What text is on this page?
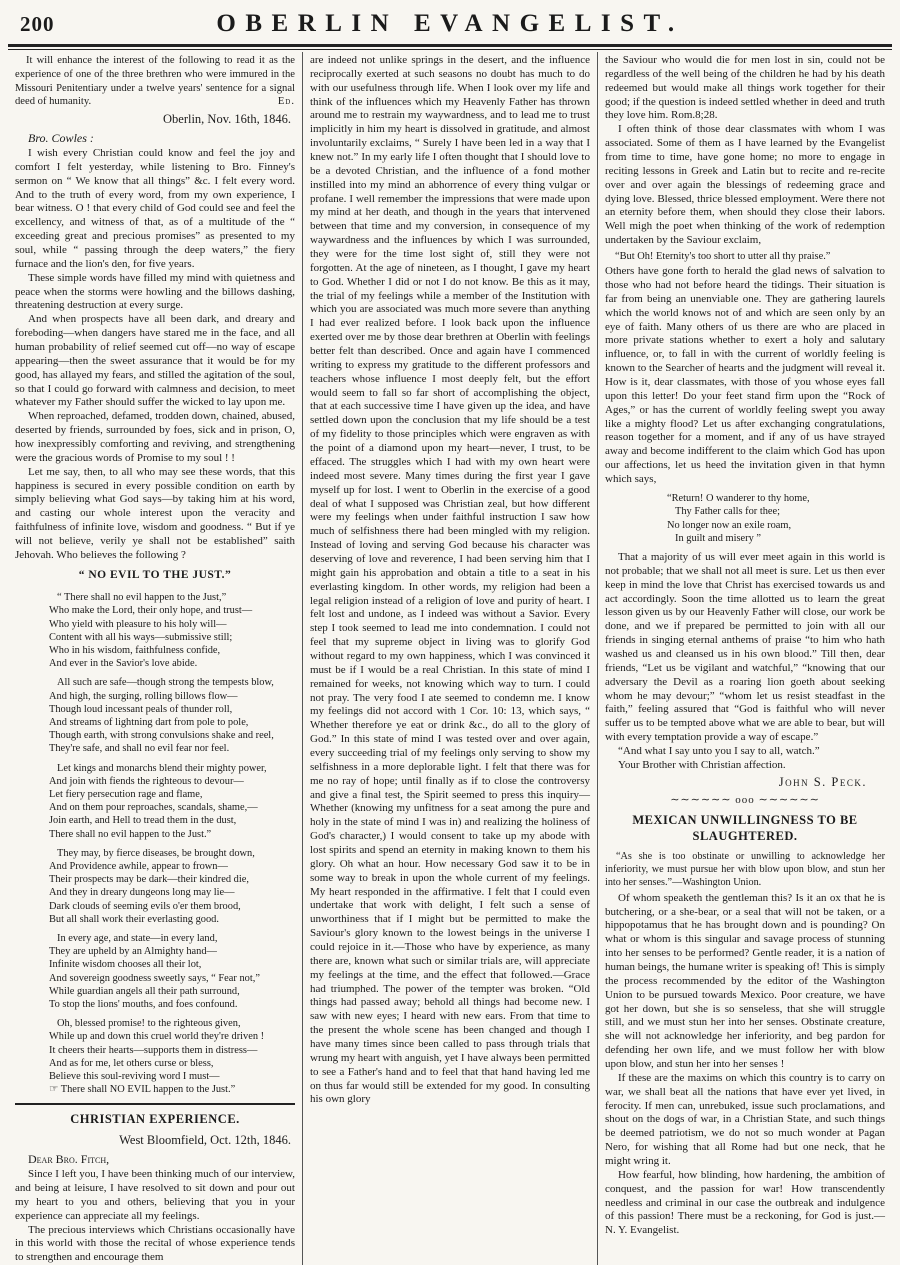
200	OBERLIN EVANGELIST.

It will enhance the interest of the following to read it as the experience of one of the three brethren who were immured in the Missouri Penitentiary under a twelve years' sentence for a signal deed of humanity.	Ed.

Oberlin, Nov. 16th, 1846.

Bro. Cowles :

I wish every Christian could know and feel the joy and comfort I felt yesterday, while listening to Bro. Finney's sermon on “ We know that all things” &c. I felt every word. And to the truth of every word, from my own experience, I bear witness. O ! that every child of God could see and feel the excellency, and witness of that, as of a multitude of the “ exceeding great and precious promises” as presented to my soul, while “ passing through the deep waters,” the fiery furnace and the lion's den, for five years.

These simple words have filled my mind with quietness and peace when the storms were howling and the billows dashing, threatening destruction at every surge.

And when prospects have all been dark, and dreary and foreboding—when dangers have stared me in the face, and all human probability of relief seemed cut off—no way of escape appearing—then the sweet assurance that it would be for my good, has allayed my fears, and stilled the agitation of the soul, so that I could go forward with calmness and decision, to meet whatever my Father should suffer the wicked to lay upon me.

When reproached, defamed, trodden down, chained, abused, deserted by friends, surrounded by foes, sick and in prison, O, how inexpressibly comforting and reviving, and strengthening were the gracious words of Promise to my soul ! !

Let me say, then, to all who may see these words, that this happiness is secured in every possible condition on earth by simply believing what God says—by taking him at his word, and casting our whole interest upon the veracity and faithfulness of infinite love, wisdom and goodness. “ But if ye will not believe, verily ye shall not be established” saith Jehovah. Who believes the following ?

“ NO EVIL TO THE JUST.”

“ There shall no evil happen to the Just,”
Who make the Lord, their only hope, and trust—
Who yield with pleasure to his holy will—
Content with all his ways—submissive still;
Who in his wisdom, faithfulness confide,
And ever in the Savior's love abide.
All such are safe—though strong the tempests blow,
And high, the surging, rolling billows flow—
Though loud incessant peals of thunder roll,
And streams of lightning dart from pole to pole,
Though earth, with strong convulsions shake and reel,
They're safe, and shall no evil fear nor feel.
Let kings and monarchs blend their mighty power,
And join with fiends the righteous to devour—
Let fiery persecution rage and flame,
And on them pour reproaches, scandals, shame,—
Join earth, and Hell to tread them in the dust,
There shall no evil happen to the Just.”
They may, by fierce diseases, be brought down,
And Providence awhile, appear to frown—
Their prospects may be dark—their kindred die,
And they in dreary dungeons long may lie—
Dark clouds of seeming evils o'er them brood,
But all shall work their everlasting good.
In every age, and state—in every land,
They are upheld by an Almighty hand—
Infinite wisdom chooses all their lot,
And sovereign goodness sweetly says, “ Fear not,”
While guardian angels all their path surround,
To stop the lions' mouths, and foes confound.
Oh, blessed promise! to the righteous given,
While up and down this cruel world they're driven !
It cheers their hearts—supports them in distress—
And as for me, let others curse or bless,
Believe this soul-reviving word I must—
☞ There shall NO EVIL happen to the Just.”

CHRISTIAN EXPERIENCE.

West Bloomfield, Oct. 12th, 1846.

Dear Bro. Fitch,

Since I left you, I have been thinking much of our interview, and being at leisure, I have resolved to sit down and pour out my heart to you and others, believing that you in your experience can appreciate all my feelings.

The precious interviews which Christians occasionally have in this world with those the recital of whose experience tends to strengthen and encourage them

are indeed not unlike springs in the desert, and the influence reciprocally exerted at such seasons no doubt has much to do with our usefulness through life. When I look over my life and think of the influences which my Heavenly Father has thrown around me to restrain my waywardness, and to lead me to trust implicitly in him my heart is dissolved in gratitude, and almost involuntarily exclaims, “ Surely I have been led in a way that I knew not.” In my early life I often thought that I should love to be a devoted Christian, and the influence of a fond mother instilled into my mind an abhorrence of every thing vulgar or profane. I well remember the impressions that were made upon my mind at her death, and though in the years that intervened between that time and my conversion, in consequence of my waywardness and the influences by which I was surrounded, they were for the time lost sight of, still they were not forgotten. At the age of nineteen, as I thought, I gave my heart to God. Whether I did or not I do not know. Be this as it may, the trial of my feelings while a member of the Institution with which you are associated was much more severe than anything I had ever realized before. I look back upon the influence exerted over me by those dear brethren at Oberlin with feelings better felt than described. Once and again have I commenced writing to express my gratitude to the different professors and teachers whose influence I most deeply felt, but the effort would seem to fall so far short of accomplishing the object, that at each successive time I have given up the idea, and have settled down upon the conclusion that my life should be a test of my fidelity to those principles which were engraven as with the point of a diamond upon my heart—never, I trust, to be effaced. The struggles which I had with my own heart were indeed most severe. Many times during the first year I gave myself up for lost. I went to Oberlin in the exercise of a good deal of what I supposed was Christian zeal, but how different were my feelings when under faithful instruction I saw how much of selfishness there had been mingled with my religion. Instead of loving and serving God because his character was deserving of love and reverence, I had been serving him that I might gain his approbation and obtain a title to a seat in his everlasting kingdom. In other words, my religion had been a legal religion instead of a religion of love and purity of heart. I felt lost and undone, as I indeed was without a Savior. Every step I took seemed to lead me into condemnation. I could not feel that my supreme object in living was to glorify God without regard to my own happiness, which I was convinced it must be if I would be a real Christian. In this state of mind I remained for weeks, not knowing which way to turn. I could not pray. The very food I ate seemed to condemn me. I know my feelings did not accord with 1 Cor. 10: 13, which says, “ Whether therefore ye eat or drink &c., do all to the glory of God.” In this state of mind I was tested over and over again, every succeeding trial of my feelings only serving to show my selfishness in a more deplorable light. I felt that there was for me no ray of hope; until finally as if to close the controversy and give a final test, the Spirit seemed to press this inquiry—Whether (knowing my unfitness for a seat among the pure and holy in the state of mind I was in) and realizing the holiness of God's character,) I would consent to take up my abode with lost spirits and spend an eternity in making known to them his glory. Oh what an hour. How necessary God saw it to be in some way to break in upon the whole current of my feelings. My heart responded in the affirmative. I felt that I could even undertake that work with delight, I felt such a sense of unworthiness that if I might but be permitted to make the Saviour's glory known to the lowest beings in the universe I could rejoice in it.—Those who have by experience, as many there are, known what such or similar trials are, will appreciate my feelings at the time, and the effect that followed.—Grace had triumphed. The power of the tempter was broken. “Old things had passed away; behold all things had become new. I saw with new eyes; I heard with new ears. From that time to the present the whole scene has been changed and though I have many times since been called to pass through trials that wrung my heart with anguish, yet I have always been permitted to see a Father's hand and to feel that that hand having led me on thus far would still be extended for my good. In consulting his own glory

the Saviour who would die for men lost in sin, could not be regardless of the well being of the children he had by his death redeemed but would make all things work together for their good; if the question is indeed settled whether in deed and truth they love him. Rom.8;28.

I often think of those dear classmates with whom I was associated. Some of them as I have learned by the Evangelist from time to time, have gone home; no more to engage in reciting lessons in Greek and Latin but to recite and re-recite over and over again the blessings of redeeming grace and dying love. Blessed, thrice blessed employment. Were there not an eternity before them, when should they close their labors. Well migh the poet when thinking of the work of redemption undertaken by the Saviour exclaim,

“But Oh! Eternity's too short to utter all thy praise.”

Others have gone forth to herald the glad news of salvation to those who had not before heard the tidings. Their situation is far from being an unenviable one. They are gathering laurels which the world knows not of and which are seen only by an eye of faith. Many others of us there are who are placed in more private stations whether to exert a holy and salutary influence, or, to fall in with the current of worldly feeling is known to the Searcher of hearts and the judgment will reveal it. How is it, dear classmates, with those of you whose eyes fall upon this letter! Do your feet stand firm upon the “Rock of Ages,” or has the current of worldly feeling swept you away like a mighty flood? Let us after exchanging congratulations, reason together for a moment, and if any of us have strayed away and become indifferent to the claim which God has upon our affections, let us heed the invitation given in that hymn which says,

“Return! O wanderer to thy home,
Thy Father calls for thee;
No longer now an exile roam,
In guilt and misery ”

That a majority of us will ever meet again in this world is not probable; that we shall not all meet is sure. Let us then ever keep in mind the love that Christ has exercised towards us and act accordingly. Soon the time allotted us to learn the great lesson given us by our Heavenly Father will close, our work be done, and we if prepared be permitted to join with all our friends in singing eternal anthems of praise “to him who hath washed us and cleansed us in his own blood.” Till then, dear friends, “Let us be vigilant and watchful,” “knowing that our adversary the Devil as a roaring lion goeth about seeking whom he may devour;” “whom let us resist steadfast in the faith,” feeling assured that “God is faithful who will never suffer us to be tempted above what we are able to bear, but will with every temptation provide a way of escape.”

“And what I say unto you I say to all, watch.”

Your Brother with Christian affection.

John S. Peck.

∼∼∼∼∼∼ ooo ∼∼∼∼∼∼

MEXICAN UNWILLINGNESS TO BE SLAUGHTERED.

“As she is too obstinate or unwilling to acknowledge her inferiority, we must pursue her with blow upon blow, and stun her into her senses.”—Washington Union.

Of whom speaketh the gentleman this? Is it an ox that he is butchering, or a she-bear, or a seal that will not be taken, or a hippopotamus that he has brought down and is pounding? On what or whom is this singular and savage process of stunning into her senses to be performed? Gentle reader, it is a nation of human beings, the humane writer is speaking of! This is simply the process recommended by the editor of the Washington Union to be pursued towards Mexico. Poor creature, we have got her down, but she is so senseless, that she will struggle still, and we must stun her into her senses. Obstinate creature, she will not acknowledge her inferiority, and beg pardon for defending her own life, and we must follow her with blow upon blow, and stun her into her senses !

If these are the maxims on which this country is to carry on war, we shall beat all the nations that have ever yet lived, in ferocity. If men can, unrebuked, issue such proclamations, and shout on the dogs of war, in a Christian State, and such things be deemed patriotism, we do not so much wonder at Pagan Nero, for wishing that all Rome had but one neck, that he might wring it.

How fearful, how blinding, how hardening, the ambition of conquest, and the passion for war! How transcendently needless and criminal in our case the outbreak and indulgence of this passion! There must be a reckoning, for God is just.—N. Y. Evangelist.
